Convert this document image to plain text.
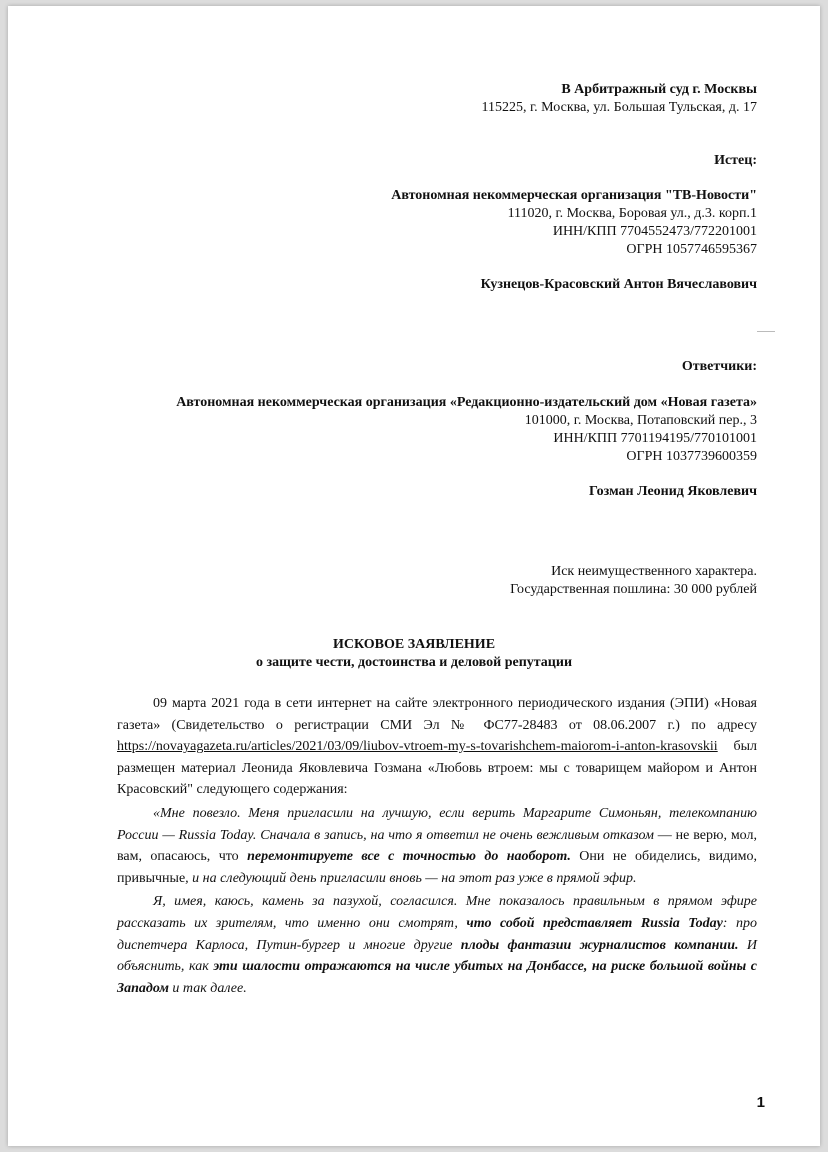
В Арбитражный суд г. Москвы
115225, г. Москва, ул. Большая Тульская, д. 17
Истец:
Автономная некоммерческая организация "ТВ-Новости"
111020, г. Москва, Боровая ул., д.3. корп.1
ИНН/КПП 7704552473/772201001
ОГРН 1057746595367
Кузнецов-Красовский Антон Вячеславович
Ответчики:
Автономная некоммерческая организация «Редакционно-издательский дом «Новая газета»
101000, г. Москва, Потаповский пер., 3
ИНН/КПП 7701194195/770101001
ОГРН 1037739600359
Гозман Леонид Яковлевич
Иск неимущественного характера.
Государственная пошлина: 30 000 рублей
ИСКОВОЕ ЗАЯВЛЕНИЕ
о защите чести, достоинства и деловой репутации

09 марта 2021 года в сети интернет на сайте электронного периодического издания (ЭПИ) «Новая газета» (Свидетельство о регистрации СМИ Эл № ФС77-28483 от 08.06.2007 г.) по адресу https://novayagazeta.ru/articles/2021/03/09/liubov-vtroem-my-s-tovarishchem-maiorom-i-anton-krasovskii был размещен материал Леонида Яковлевича Гозмана «Любовь втроем: мы с товарищем майором и Антон Красовский" следующего содержания:

«Мне повезло. Меня пригласили на лучшую, если верить Маргарите Симоньян, телекомпанию России — Russia Today. Сначала в запись, на что я ответил не очень вежливым отказом — не верю, мол, вам, опасаюсь, что перемонтируете все с точностью до наоборот. Они не обиделись, видимо, привычные, и на следующий день пригласили вновь — на этот раз уже в прямой эфир.

Я, имея, каюсь, камень за пазухой, согласился. Мне показалось правильным в прямом эфире рассказать их зрителям, что именно они смотрят, что собой представляет Russia Today: про диспетчера Карлоса, Путин-бургер и многие другие плоды фантазии журналистов компании. И объяснить, как эти шалости отражаются на числе убитых на Донбассе, на риске большой войны с Западом и так далее.

1
